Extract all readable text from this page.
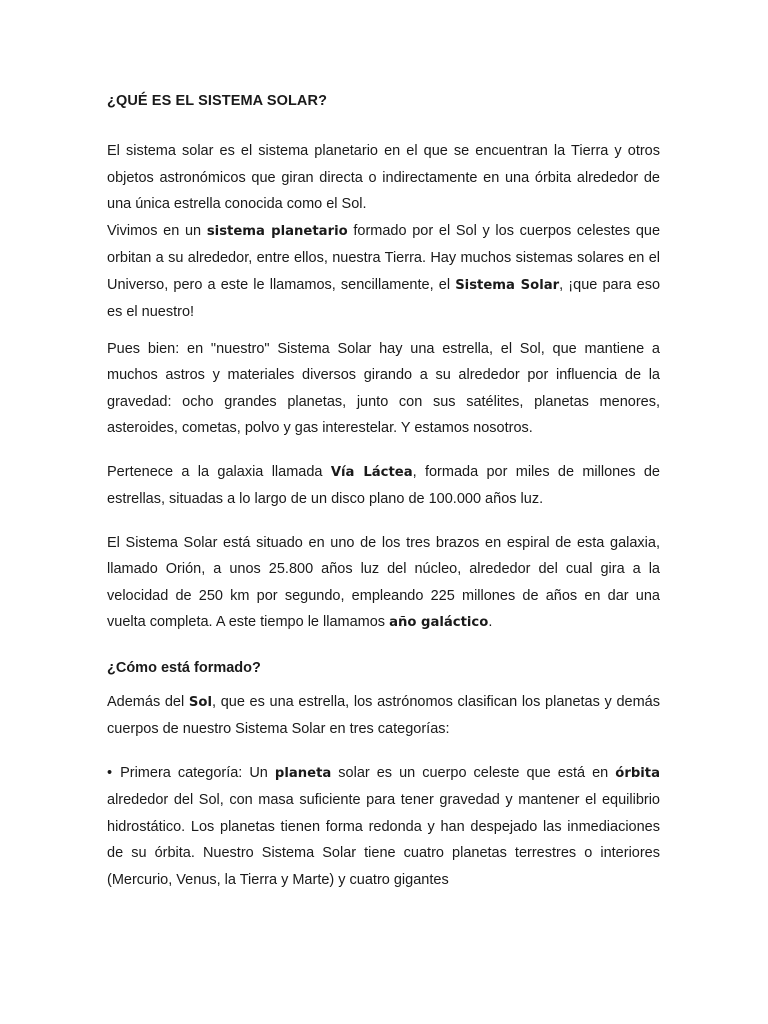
¿QUÉ ES EL SISTEMA SOLAR?

El sistema solar es el sistema planetario en el que se encuentran la Tierra y otros objetos astronómicos que giran directa o indirectamente en una órbita alrededor de una única estrella conocida como el Sol.

Vivimos en un sistema planetario formado por el Sol y los cuerpos celestes que orbitan a su alrededor, entre ellos, nuestra Tierra. Hay muchos sistemas solares en el Universo, pero a este le llamamos, sencillamente, el Sistema Solar, ¡que para eso es el nuestro!

Pues bien: en "nuestro" Sistema Solar hay una estrella, el Sol, que mantiene a muchos astros y materiales diversos girando a su alrededor por influencia de la gravedad: ocho grandes planetas, junto con sus satélites, planetas menores, asteroides, cometas, polvo y gas interestelar. Y estamos nosotros.

Pertenece a la galaxia llamada Vía Láctea, formada por miles de millones de estrellas, situadas a lo largo de un disco plano de 100.000 años luz.

El Sistema Solar está situado en uno de los tres brazos en espiral de esta galaxia, llamado Orión, a unos 25.800 años luz del núcleo, alrededor del cual gira a la velocidad de 250 km por segundo, empleando 225 millones de años en dar una vuelta completa. A este tiempo le llamamos año galáctico.

¿Cómo está formado?

Además del Sol, que es una estrella, los astrónomos clasifican los planetas y demás cuerpos de nuestro Sistema Solar en tres categorías:

• Primera categoría: Un planeta solar es un cuerpo celeste que está en órbita alrededor del Sol, con masa suficiente para tener gravedad y mantener el equilibrio hidrostático. Los planetas tienen forma redonda y han despejado las inmediaciones de su órbita. Nuestro Sistema Solar tiene cuatro planetas terrestres o interiores (Mercurio, Venus, la Tierra y Marte) y cuatro gigantes
